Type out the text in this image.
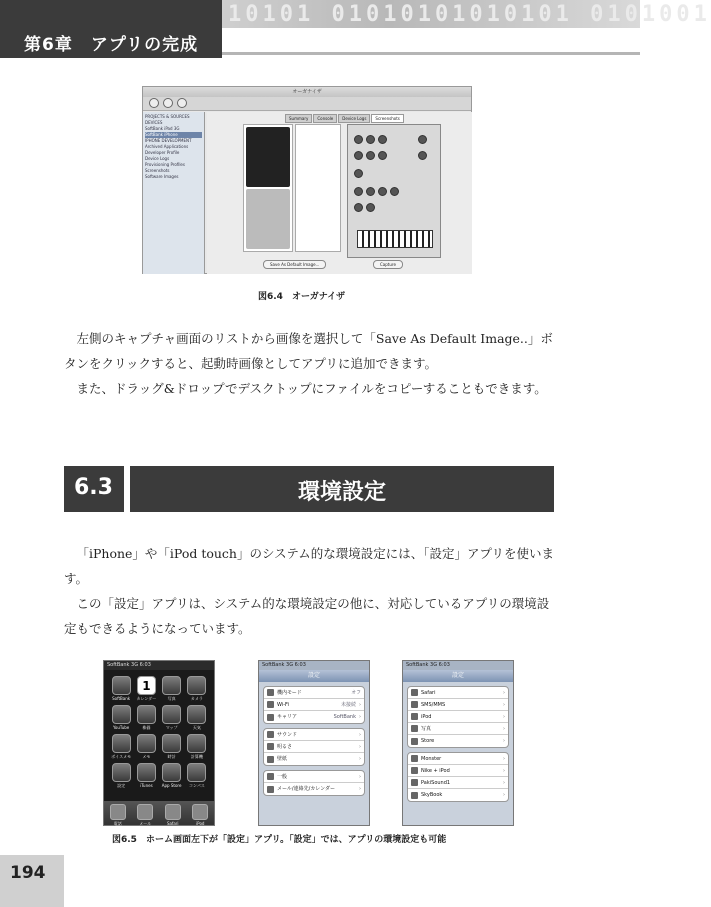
第6章　アプリの完成
10101 01010101010101 0101001
オーガナイザ
PROJECTS & SOURCES
DEVICES
SoftBank iPad 3G
SoftBank iPhone
IPHONE DEVELOPMENT
Archived Applications
Developer Profile
Device Logs
Provisioning Profiles
Screenshots
Software Images
Summary	Console	Device Logs	Screenshots
Save As Default Image...	Capture
図6.4　オーガナイザ

左側のキャプチャ画面のリストから画像を選択して「Save As Default Image..」ボタンをクリックすると、起動時画像としてアプリに追加できます。

また、ドラッグ&ドロップでデスクトップにファイルをコピーすることもできます。

6.3	環境設定

「iPhone」や「iPod touch」のシステム的な環境設定には、「設定」アプリを使います。

この「設定」アプリは、システム的な環境設定の他に、対応しているアプリの環境設定もできるようになっています。

SoftBank 3G 6:03
SoftBank
1
カレンダー	写真	カメラ
YouTube	株価	マップ	天気
ボイスメモ	メモ	時計	計算機
設定	iTunes	App Store	コンパス
電話	メール	Safari	iPod
SoftBank 3G 6:03
設定
機内モード	オフ
Wi-Fi	未接続 ›
キャリア	SoftBank ›
サウンド	›
明るさ	›
壁紙	›
一般	›
メール/連絡先/カレンダー	›
SoftBank 3G 6:03
設定
Safari	›
SMS/MMS	›
iPod	›
写真	›
Store	›
Monster	›
Nike + iPod	›
PakiSound1	›
SkyBook	›
図6.5　ホーム画面左下が「設定」アプリ。「設定」では、アプリの環境設定も可能
194
